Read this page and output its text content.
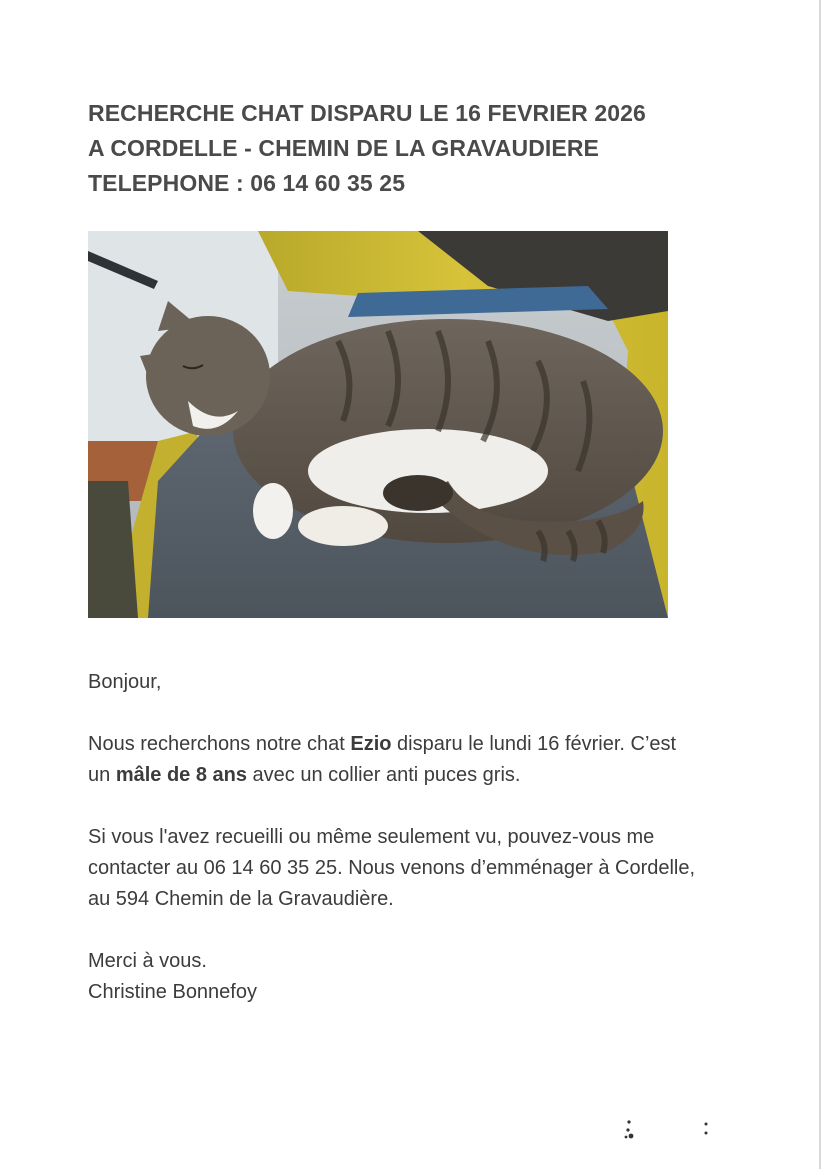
RECHERCHE CHAT DISPARU LE 16 FEVRIER 2026
A CORDELLE - CHEMIN DE LA GRAVAUDIERE
TELEPHONE : 06 14 60 35 25

Bonjour,

Nous recherchons notre chat Ezio disparu le lundi 16 février. C’est un mâle de 8 ans avec un collier anti puces gris.

Si vous l'avez recueilli ou même seulement vu, pouvez-vous me contacter au 06 14 60 35 25. Nous venons d’emménager à Cordelle, au 594 Chemin de la Gravaudière.

Merci à vous.

Christine Bonnefoy
